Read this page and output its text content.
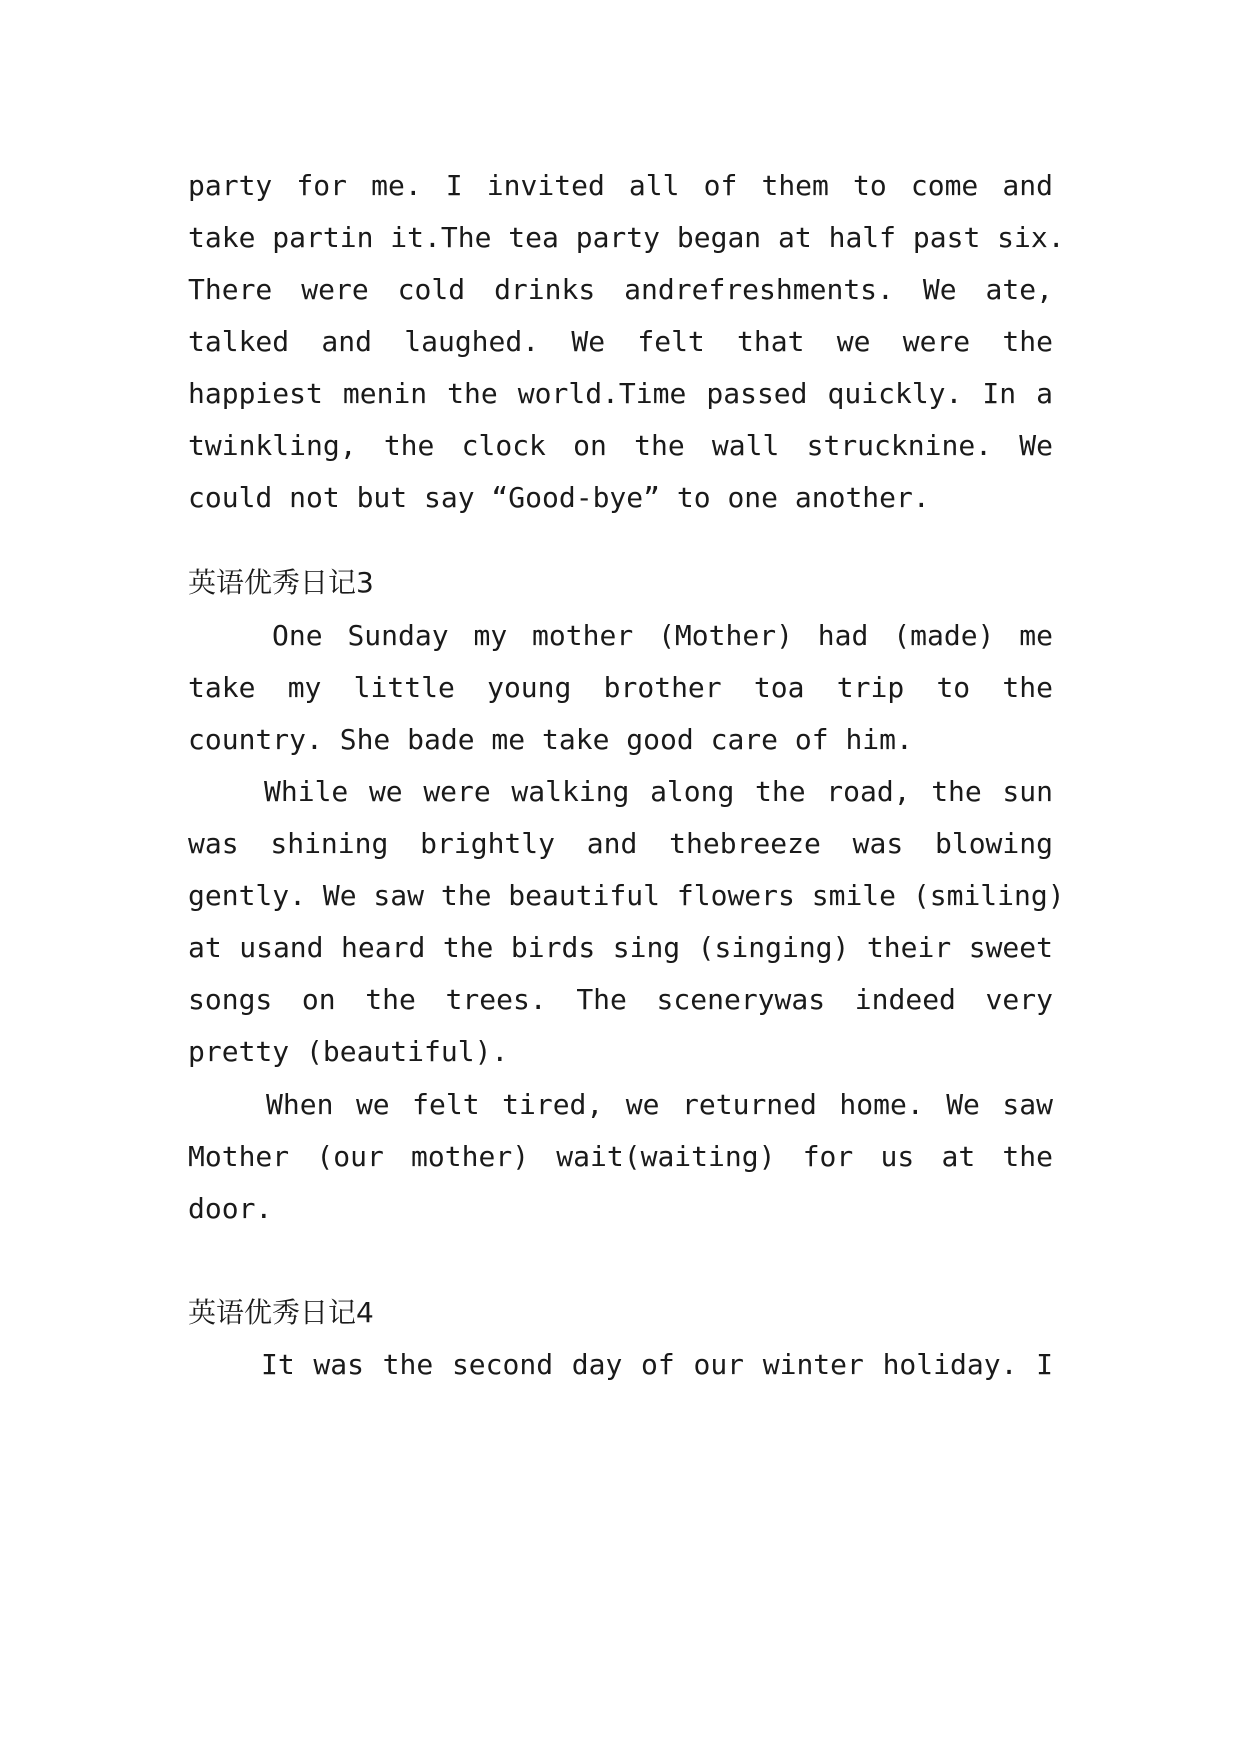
party for me. I invited all of them to come and
take partin it.The tea party began at half past six.
There were cold drinks andrefreshments. We ate,
talked and laughed. We felt that we were the
happiest menin the world.Time passed quickly. In a
twinkling, the clock on the wall strucknine. We
could not but say “Good-bye” to one another.
英语优秀日记3
One Sunday my mother (Mother) had (made) me
take my little young brother toa trip to the
country. She bade me take good care of him.
While we were walking along the road, the sun
was shining brightly and thebreeze was blowing
gently. We saw the beautiful flowers smile (smiling)
at usand heard the birds sing (singing) their sweet
songs on the trees. The scenerywas indeed very
pretty (beautiful).
When we felt tired, we returned home. We saw
Mother (our mother) wait(waiting) for us at the
door.
英语优秀日记4
It was the second day of our winter holiday. I
